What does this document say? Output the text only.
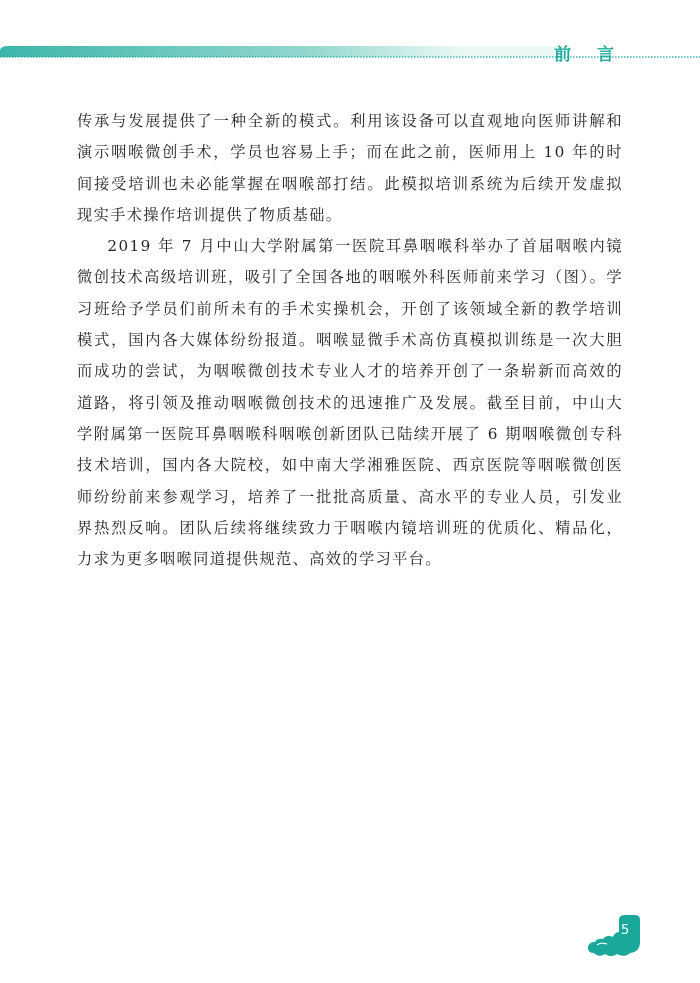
前 言

传承与发展提供了一种全新的模式。利用该设备可以直观地向医师讲解和演示咽喉微创手术，学员也容易上手；而在此之前，医师用上 10 年的时间接受培训也未必能掌握在咽喉部打结。此模拟培训系统为后续开发虚拟现实手术操作培训提供了物质基础。

2019 年 7 月中山大学附属第一医院耳鼻咽喉科举办了首届咽喉内镜微创技术高级培训班，吸引了全国各地的咽喉外科医师前来学习（图）。学习班给予学员们前所未有的手术实操机会，开创了该领域全新的教学培训模式，国内各大媒体纷纷报道。咽喉显微手术高仿真模拟训练是一次大胆而成功的尝试，为咽喉微创技术专业人才的培养开创了一条崭新而高效的道路，将引领及推动咽喉微创技术的迅速推广及发展。截至目前，中山大学附属第一医院耳鼻咽喉科咽喉创新团队已陆续开展了 6 期咽喉微创专科技术培训，国内各大院校，如中南大学湘雅医院、西京医院等咽喉微创医师纷纷前来参观学习，培养了一批批高质量、高水平的专业人员，引发业界热烈反响。团队后续将继续致力于咽喉内镜培训班的优质化、精品化，力求为更多咽喉同道提供规范、高效的学习平台。

5
